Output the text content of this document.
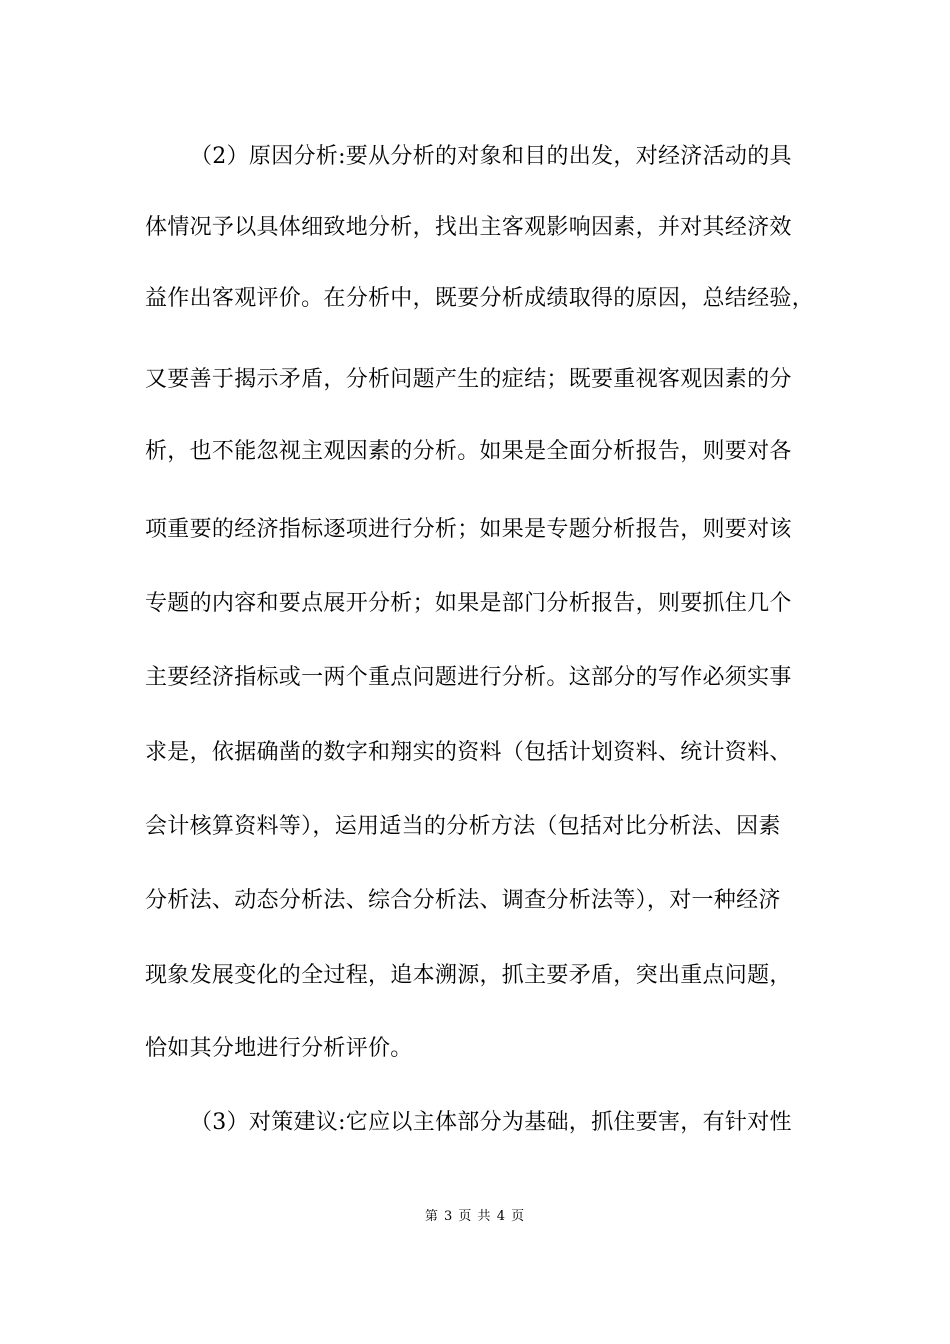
（2）原因分析:要从分析的对象和目的出发，对经济活动的具
体情况予以具体细致地分析，找出主客观影响因素，并对其经济效
益作出客观评价。在分析中，既要分析成绩取得的原因，总结经验，
又要善于揭示矛盾，分析问题产生的症结；既要重视客观因素的分
析，也不能忽视主观因素的分析。如果是全面分析报告，则要对各
项重要的经济指标逐项进行分析；如果是专题分析报告，则要对该
专题的内容和要点展开分析；如果是部门分析报告，则要抓住几个
主要经济指标或一两个重点问题进行分析。这部分的写作必须实事
求是，依据确凿的数字和翔实的资料（包括计划资料、统计资料、
会计核算资料等），运用适当的分析方法（包括对比分析法、因素
分析法、动态分析法、综合分析法、调查分析法等），对一种经济
现象发展变化的全过程，追本溯源，抓主要矛盾，突出重点问题，
恰如其分地进行分析评价。
（3）对策建议:它应以主体部分为基础，抓住要害，有针对性
第 3 页 共 4 页
